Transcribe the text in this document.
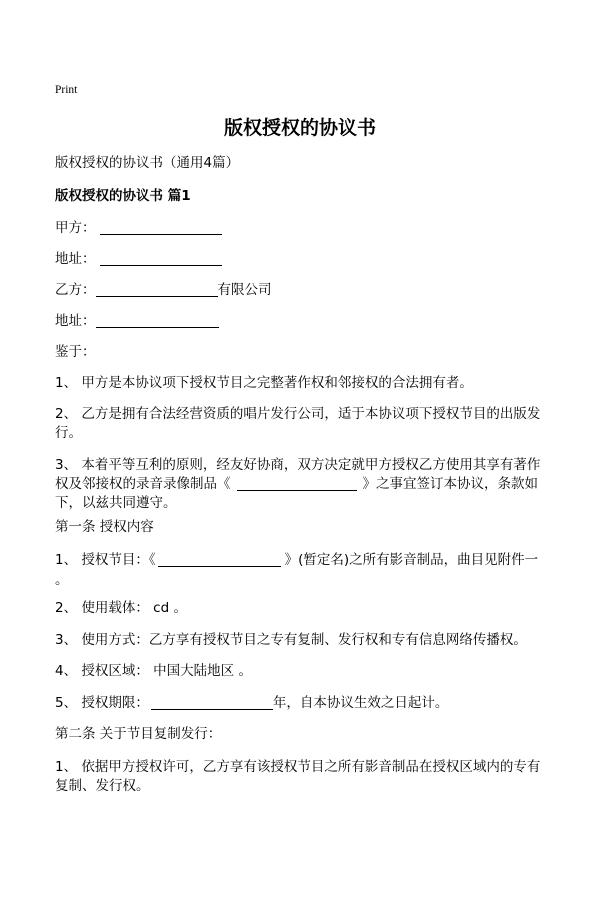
Print
版权授权的协议书
版权授权的协议书（通用4篇）
版权授权的协议书 篇1
甲方：
地址：
乙方：	有限公司
地址：
鉴于：
1、 甲方是本协议项下授权节目之完整著作权和邻接权的合法拥有者。
2、 乙方是拥有合法经营资质的唱片发行公司，适于本协议项下授权节目的出版发
行。
3、 本着平等互利的原则，经友好协商，双方决定就甲方授权乙方使用其享有著作
权及邻接权的录音录像制品《	》之事宜签订本协议，条款如
下，以兹共同遵守。
第一条 授权内容
1、 授权节目：《	》(暂定名)之所有影音制品，曲目见附件一
。
2、 使用载体： cd 。
3、 使用方式：乙方享有授权节目之专有复制、发行权和专有信息网络传播权。
4、 授权区域： 中国大陆地区 。
5、 授权期限：	年，自本协议生效之日起计。
第二条 关于节目复制发行：
1、 依据甲方授权许可，乙方享有该授权节目之所有影音制品在授权区域内的专有
复制、发行权。
